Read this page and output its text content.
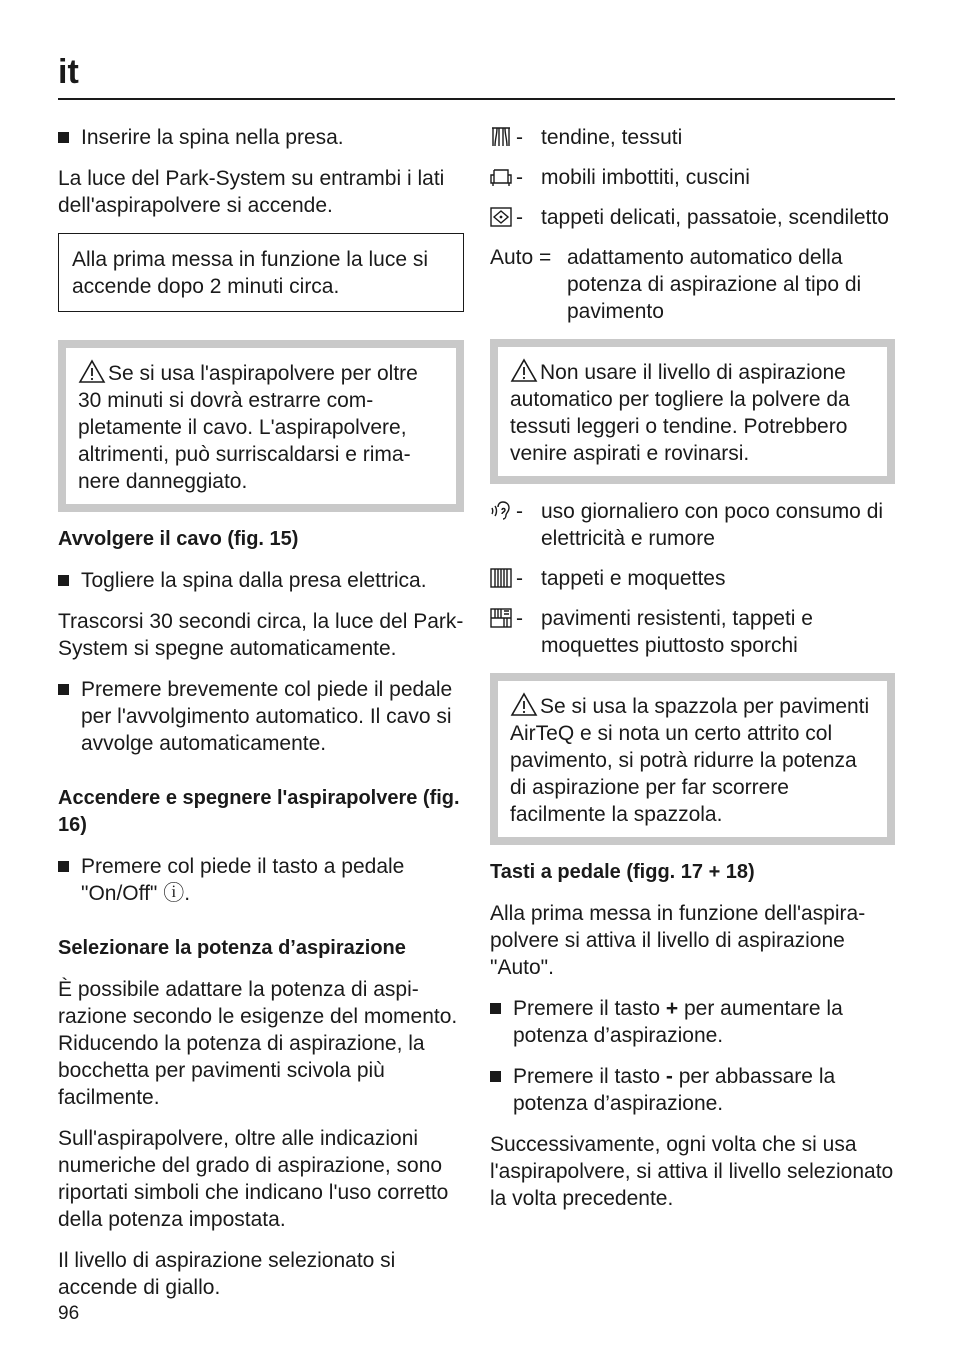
it
Inserire la spina nella presa.

La luce del Park-System su entrambi i lati dell'aspirapolvere si accende.

Alla prima messa in funzione la luce si accende dopo 2 minuti circa.
Se si usa l'aspirapolvere per oltre 30 minuti si dovrà estrarre completamente il cavo. L'aspirapolvere, altrimenti, può surriscaldarsi e rimanere danneggiato.
Avvolgere il cavo (fig. 15)
Togliere la spina dalla presa elettrica.

Trascorsi 30 secondi circa, la luce del Park-System si spegne automaticamente.

Premere brevemente col piede il pedale per l'avvolgimento automatico. Il cavo si avvolge automaticamente.
Accendere e spegnere l'aspirapolvere (fig. 16)
Premere col piede il tasto a pedale "On/Off" ⓘ.
Selezionare la potenza d’aspirazione

È possibile adattare la potenza di aspirazione secondo le esigenze del momento. Riducendo la potenza di aspirazione, la bocchetta per pavimenti scivola più facilmente.

Sull'aspirapolvere, oltre alle indicazioni numeriche del grado di aspirazione, sono riportati simboli che indicano l'uso corretto della potenza impostata.

Il livello di aspirazione selezionato si accende di giallo.

- tendine, tessuti
- mobili imbottiti, cuscini
- tappeti delicati, passatoie, scendiletto
Auto = adattamento automatico della potenza di aspirazione al tipo di pavimento
Non usare il livello di aspirazione automatico per togliere la polvere da tessuti leggeri o tendine. Potrebbero venire aspirati e rovinarsi.
- uso giornaliero con poco consumo di elettricità e rumore
- tappeti e moquettes
- pavimenti resistenti, tappeti e moquettes piuttosto sporchi
Se si usa la spazzola per pavimenti AirTeQ e si nota un certo attrito col pavimento, si potrà ridurre la potenza di aspirazione per far scorrere facilmente la spazzola.
Tasti a pedale (figg. 17 + 18)

Alla prima messa in funzione dell'aspirapolvere si attiva il livello di aspirazione "Auto".

Premere il tasto + per aumentare la potenza d’aspirazione.
Premere il tasto - per abbassare la potenza d’aspirazione.

Successivamente, ogni volta che si usa l'aspirapolvere, si attiva il livello selezionato la volta precedente.

96
